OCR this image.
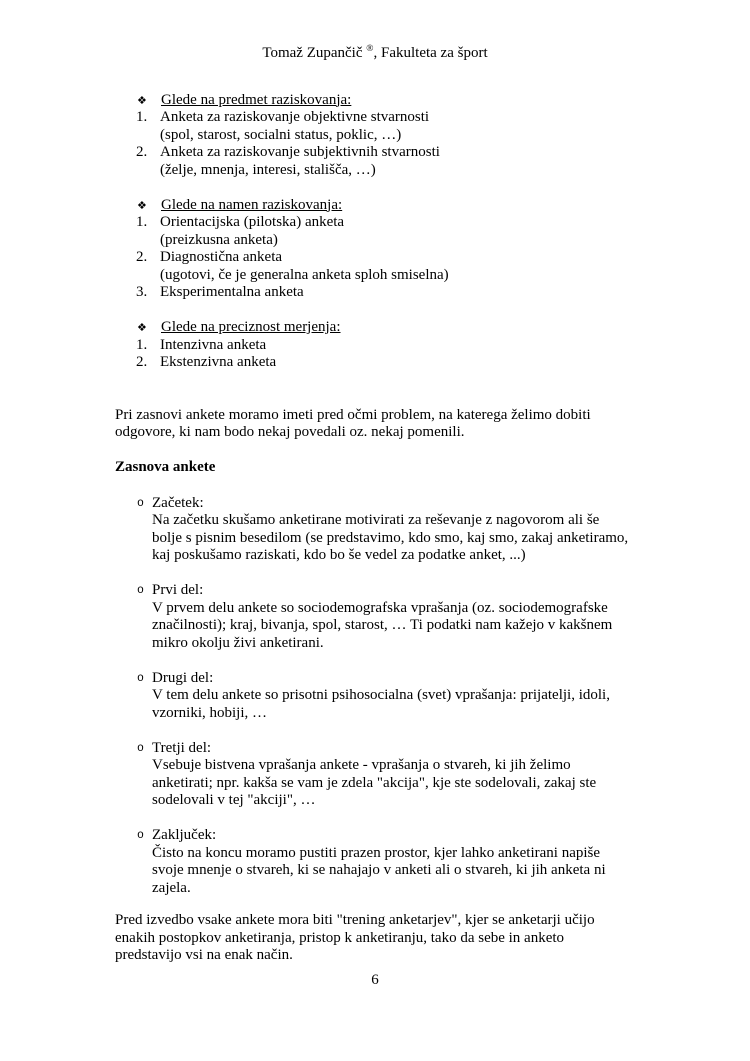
Tomaž Zupančič ®, Fakulteta za šport
❖ Glede na predmet raziskovanja:
1. Anketa za raziskovanje objektivne stvarnosti
(spol, starost, socialni status, poklic, …)
2. Anketa za raziskovanje subjektivnih stvarnosti
(želje, mnenja, interesi, stališča, …)
❖ Glede na namen raziskovanja:
1. Orientacijska (pilotska) anketa
(preizkusna anketa)
2. Diagnostična anketa
(ugotovi, če je generalna anketa sploh smiselna)
3. Eksperimentalna anketa
❖ Glede na preciznost merjenja:
1. Intenzivna anketa
2. Ekstenzivna anketa
Pri zasnovi ankete moramo imeti pred očmi problem, na katerega želimo dobiti odgovore, ki nam bodo nekaj povedali oz. nekaj pomenili.
Zasnova ankete
o Začetek:
Na začetku skušamo anketirane motivirati za reševanje z nagovorom ali še bolje s pisnim besedilom (se predstavimo, kdo smo, kaj smo, zakaj anketiramo, kaj poskušamo raziskati, kdo bo še vedel za podatke anket, ...)
o Prvi del:
V prvem delu ankete so sociodemografska vprašanja (oz. sociodemografske značilnosti); kraj, bivanja, spol, starost, … Ti podatki nam kažejo v kakšnem mikro okolju živi anketirani.
o Drugi del:
V tem delu ankete so prisotni psihosocialna (svet) vprašanja: prijatelji, idoli, vzorniki, hobiji, …
o Tretji del:
Vsebuje bistvena vprašanja ankete - vprašanja o stvareh, ki jih želimo anketirati; npr. kakša se vam je zdela "akcija", kje ste sodelovali, zakaj ste sodelovali v tej "akciji", …
o Zaključek:
Čisto na koncu moramo pustiti prazen prostor, kjer lahko anketirani napiše svoje mnenje o stvareh, ki se nahajajo v anketi ali o stvareh, ki jih anketa ni zajela.
Pred izvedbo vsake ankete mora biti "trening anketarjev", kjer se anketarji učijo enakih postopkov anketiranja, pristop k anketiranju, tako da sebe in anketo predstavijo vsi na enak način.
6
